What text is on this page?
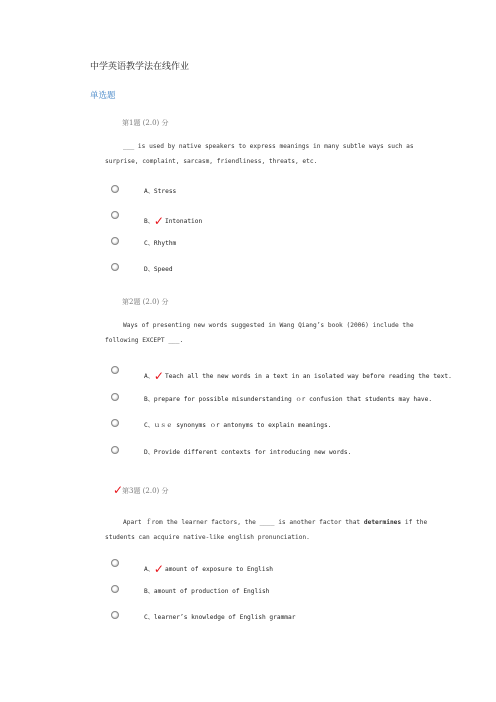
中学英语教学法在线作业
单选题
第1题 (2.0) 分
___ is used by native speakers to express meanings in many subtle ways such as surprise, complaint, sarcasm, friendliness, threats, etc.
A、Stress
B、✓Intonation
C、Rhythm
D、Speed
第2题 (2.0) 分
Ways of presenting new words suggested in Wang Qiang’s book (2006) include the following EXCEPT ___.
A、✓Teach all the new words in a text in an isolated way before reading the text.
B、prepare for possible misunderstanding ｏr confusion that students may have.
C、ｕｓｅ synonyms ｏr antonyms to explain meanings.
D、Provide different contexts for introducing new words.
✓
第3题 (2.0) 分
Apart ｆrom the learner factors, the ____ is another factor that determines if the students can acquire native-like english pronunciation.
A、✓amount of exposure to English
B、amount of production of English
C、learner’s knowledge of English grammar
